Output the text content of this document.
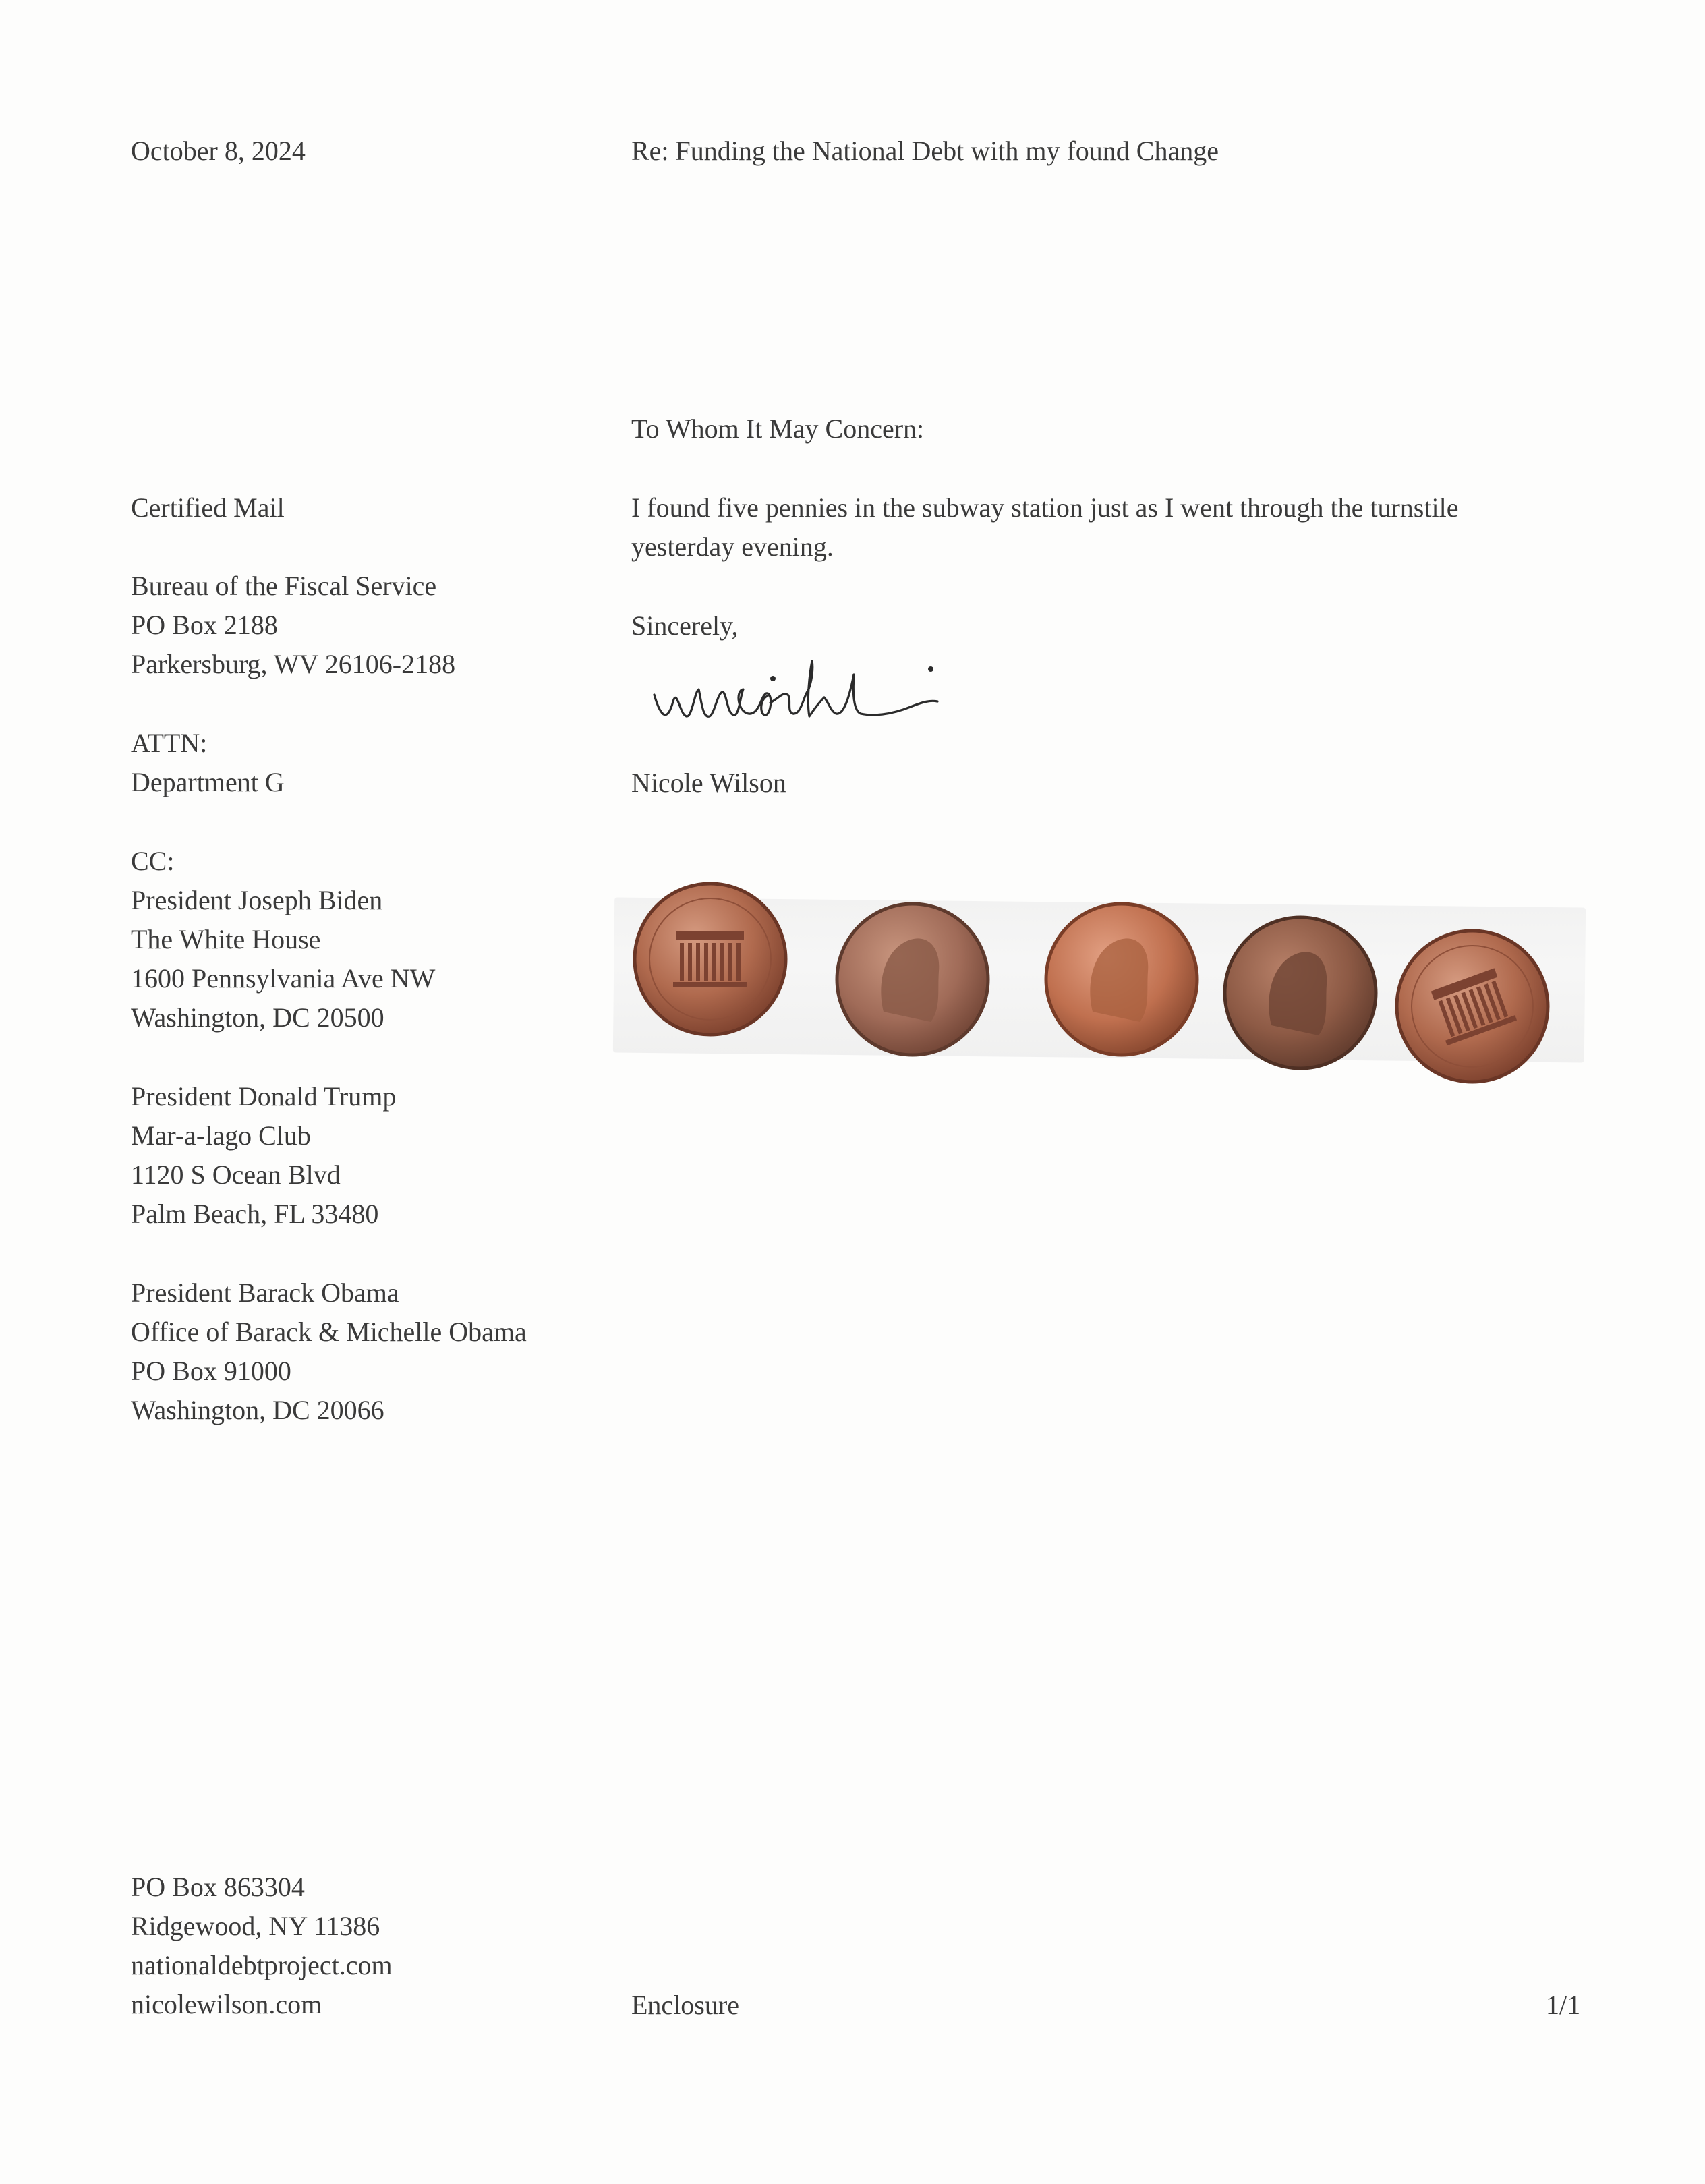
October 8, 2024	Re: Funding the National Debt with my found Change
To Whom It May Concern:
I found five pennies in the subway station just as I went through the turnstile yesterday evening.
Certified Mail
Bureau of the Fiscal Service
PO Box 2188
Parkersburg, WV 26106-2188
ATTN:
Department G
CC:
President Joseph Biden
The White House
1600 Pennsylvania Ave NW
Washington, DC 20500
President Donald Trump
Mar-a-lago Club
1120 S Ocean Blvd
Palm Beach, FL 33480
President Barack Obama
Office of Barack & Michelle Obama
PO Box 91000
Washington, DC 20066
Sincerely,
Nicole Wilson
PO Box 863304
Ridgewood, NY 11386
nationaldebtproject.com
nicolewilson.com	Enclosure	1/1
